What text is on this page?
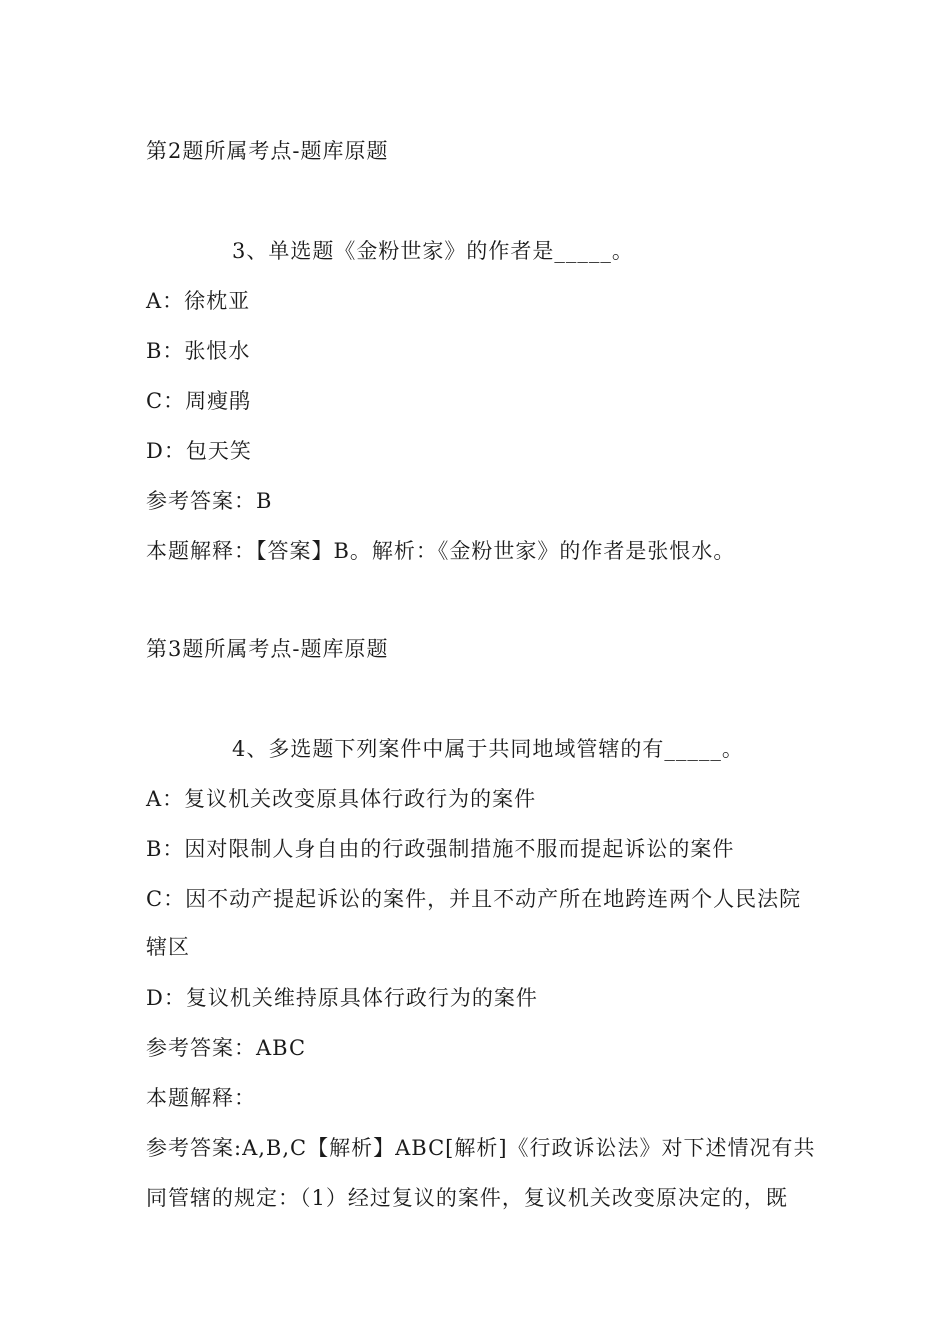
第2题所属考点-题库原题
3、单选题《金粉世家》的作者是_____。
A：徐枕亚
B：张恨水
C：周瘦鹃
D：包天笑
参考答案：B
本题解释：【答案】B。解析：《金粉世家》的作者是张恨水。
第3题所属考点-题库原题
4、多选题下列案件中属于共同地域管辖的有_____。
A：复议机关改变原具体行政行为的案件
B：因对限制人身自由的行政强制措施不服而提起诉讼的案件
C：因不动产提起诉讼的案件，并且不动产所在地跨连两个人民法院
辖区
D：复议机关维持原具体行政行为的案件
参考答案：ABC
本题解释：
参考答案:A,B,C【解析】ABC[解析]《行政诉讼法》对下述情况有共
同管辖的规定：（1）经过复议的案件，复议机关改变原决定的，既
